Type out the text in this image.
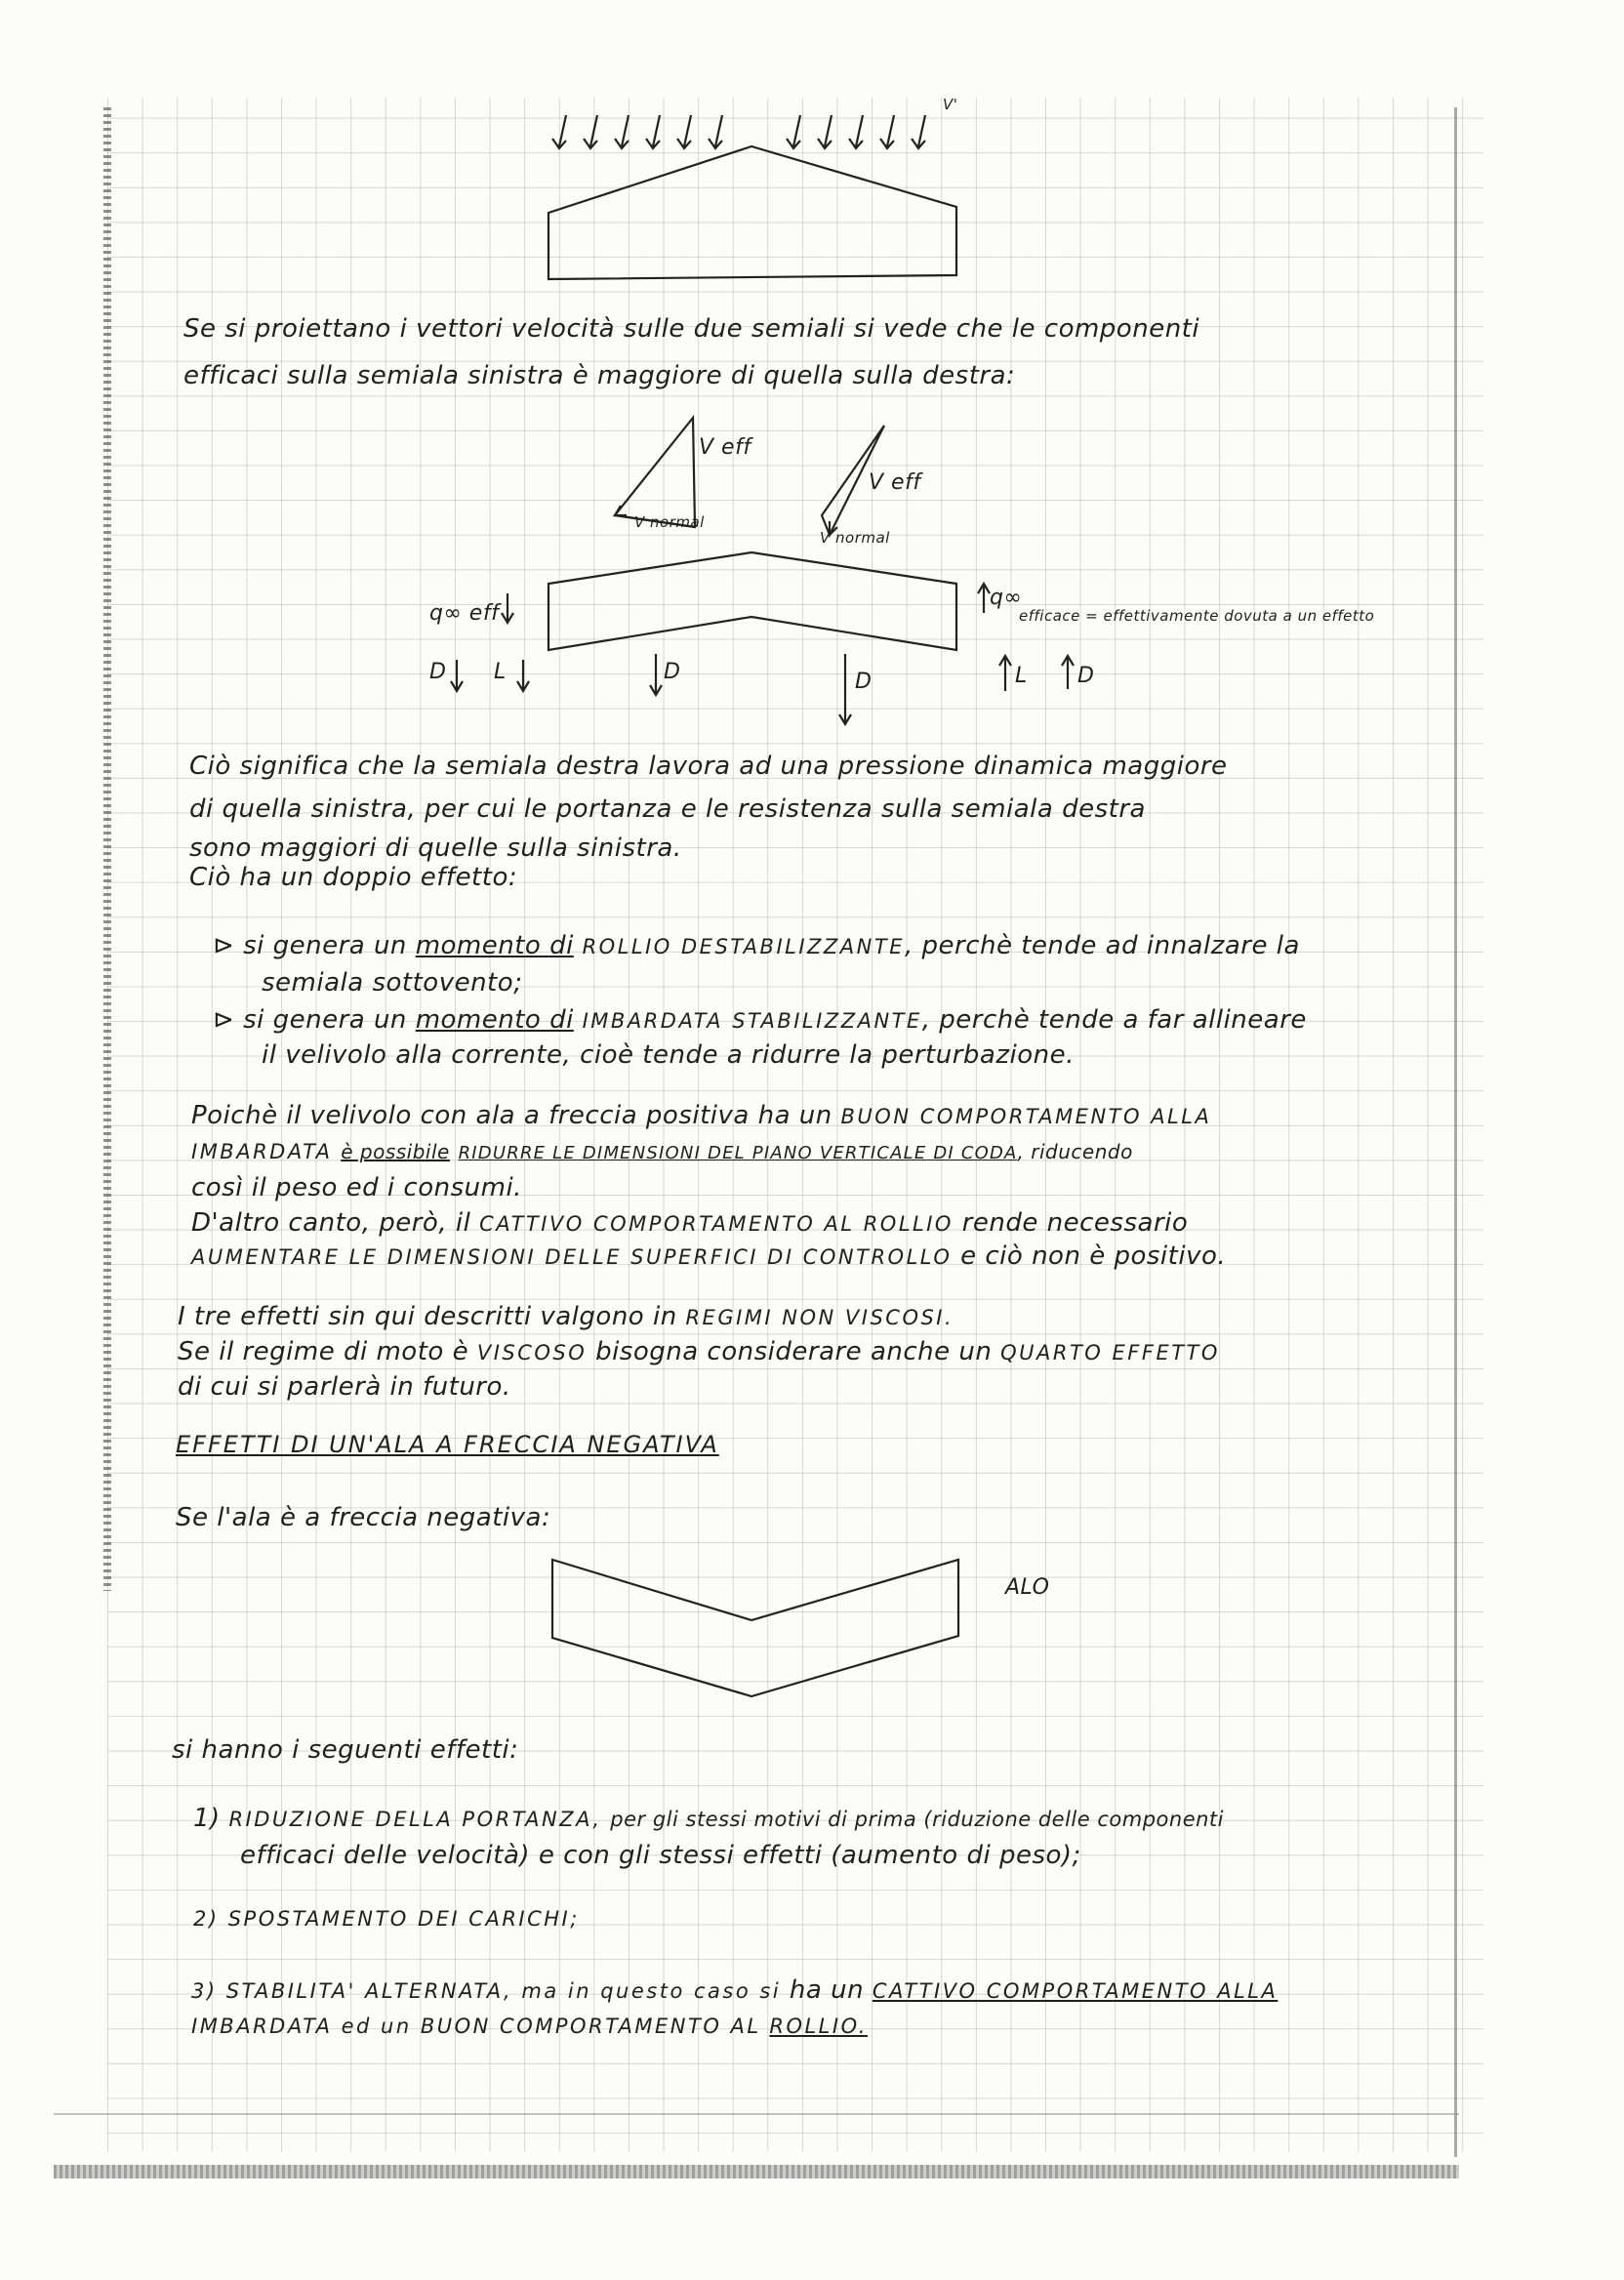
V'

Se si proiettano i vettori velocità sulle due semiali si vede che le componenti

efficaci sulla semiala sinistra è maggiore di quella sulla destra:

V eff

V normal

V eff

V normal

q∞ eff

q∞

efficace = effettivamente dovuta a un effetto

D L	D	D	L D

Ciò significa che la semiala destra lavora ad una pressione dinamica maggiore

di quella sinistra, per cui le portanza e le resistenza sulla semiala destra

sono maggiori di quelle sulla sinistra.

Ciò ha un doppio effetto:

⊳ si genera un momento di ROLLIO DESTABILIZZANTE, perchè tende ad innalzare la

semiala sottovento;

⊳ si genera un momento di IMBARDATA STABILIZZANTE, perchè tende a far allineare

il velivolo alla corrente, cioè tende a ridurre la perturbazione.

Poichè il velivolo con ala a freccia positiva ha un BUON COMPORTAMENTO ALLA

IMBARDATA è possibile RIDURRE LE DIMENSIONI DEL PIANO VERTICALE DI CODA, riducendo

così il peso ed i consumi.

D'altro canto, però, il CATTIVO COMPORTAMENTO AL ROLLIO rende necessario

AUMENTARE LE DIMENSIONI DELLE SUPERFICI DI CONTROLLO e ciò non è positivo.

I tre effetti sin qui descritti valgono in REGIMI NON VISCOSI.

Se il regime di moto è VISCOSO bisogna considerare anche un QUARTO EFFETTO

di cui si parlerà in futuro.

EFFETTI DI UN'ALA A FRECCIA NEGATIVA

Se l'ala è a freccia negativa:

ALO

si hanno i seguenti effetti:

1) RIDUZIONE DELLA PORTANZA, per gli stessi motivi di prima (riduzione delle componenti

efficaci delle velocità) e con gli stessi effetti (aumento di peso);

2) SPOSTAMENTO DEI CARICHI;

3) STABILITA' ALTERNATA, ma in questo caso si ha un CATTIVO COMPORTAMENTO ALLA

IMBARDATA ed un BUON COMPORTAMENTO AL ROLLIO.
